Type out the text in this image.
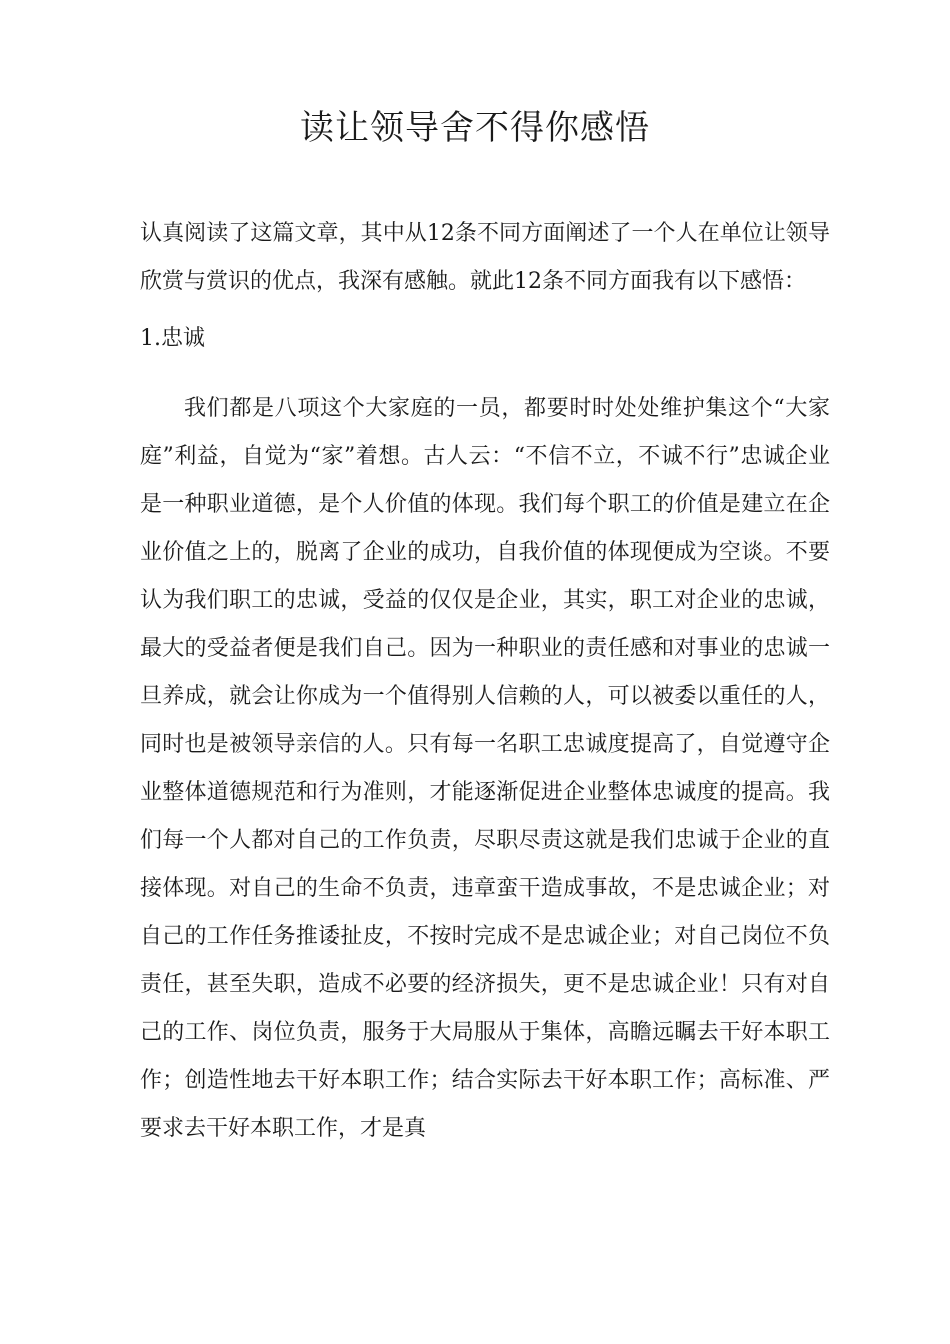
读让领导舍不得你感悟

认真阅读了这篇文章，其中从12条不同方面阐述了一个人在单位让领导欣赏与赏识的优点，我深有感触。就此12条不同方面我有以下感悟：

1.忠诚

我们都是八项这个大家庭的一员，都要时时处处维护集这个“大家庭”利益，自觉为“家”着想。古人云：“不信不立，不诚不行”忠诚企业是一种职业道德，是个人价值的体现。我们每个职工的价值是建立在企业价值之上的，脱离了企业的成功，自我价值的体现便成为空谈。不要认为我们职工的忠诚，受益的仅仅是企业，其实，职工对企业的忠诚，最大的受益者便是我们自己。因为一种职业的责任感和对事业的忠诚一旦养成，就会让你成为一个值得别人信赖的人，可以被委以重任的人，同时也是被领导亲信的人。只有每一名职工忠诚度提高了，自觉遵守企业整体道德规范和行为准则，才能逐渐促进企业整体忠诚度的提高。我们每一个人都对自己的工作负责，尽职尽责这就是我们忠诚于企业的直接体现。对自己的生命不负责，违章蛮干造成事故，不是忠诚企业；对自己的工作任务推诿扯皮，不按时完成不是忠诚企业；对自己岗位不负责任，甚至失职，造成不必要的经济损失，更不是忠诚企业！只有对自己的工作、岗位负责，服务于大局服从于集体，高瞻远瞩去干好本职工作；创造性地去干好本职工作；结合实际去干好本职工作；高标准、严要求去干好本职工作，才是真
